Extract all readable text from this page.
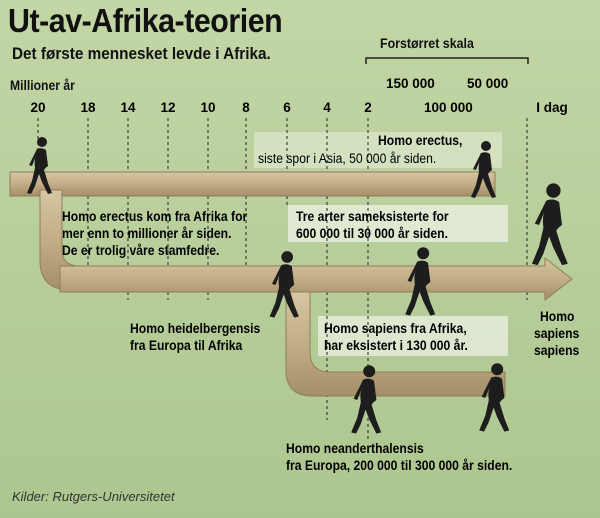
Ut-av-Afrika-teorien
Det første mennesket levde i Afrika.
Millioner år
20	18 14 12 10 8 6 4 2	I dag
Forstørret skala
150 000 50 000
100 000
Homo erectus,
siste spor i Asia, 50 000 år siden.
Homo erectus kom fra Afrika for
mer enn to millioner år siden.
De er trolig våre stamfedre.
Tre arter sameksisterte for
600 000 til 30 000 år siden.
Homo heidelbergensis
fra Europa til Afrika
Homo sapiens fra Afrika,
har eksistert i 130 000 år.
Homo
sapiens
sapiens
Homo neanderthalensis
fra Europa, 200 000 til 300 000 år siden.
Kilder: Rutgers-Universitetet
